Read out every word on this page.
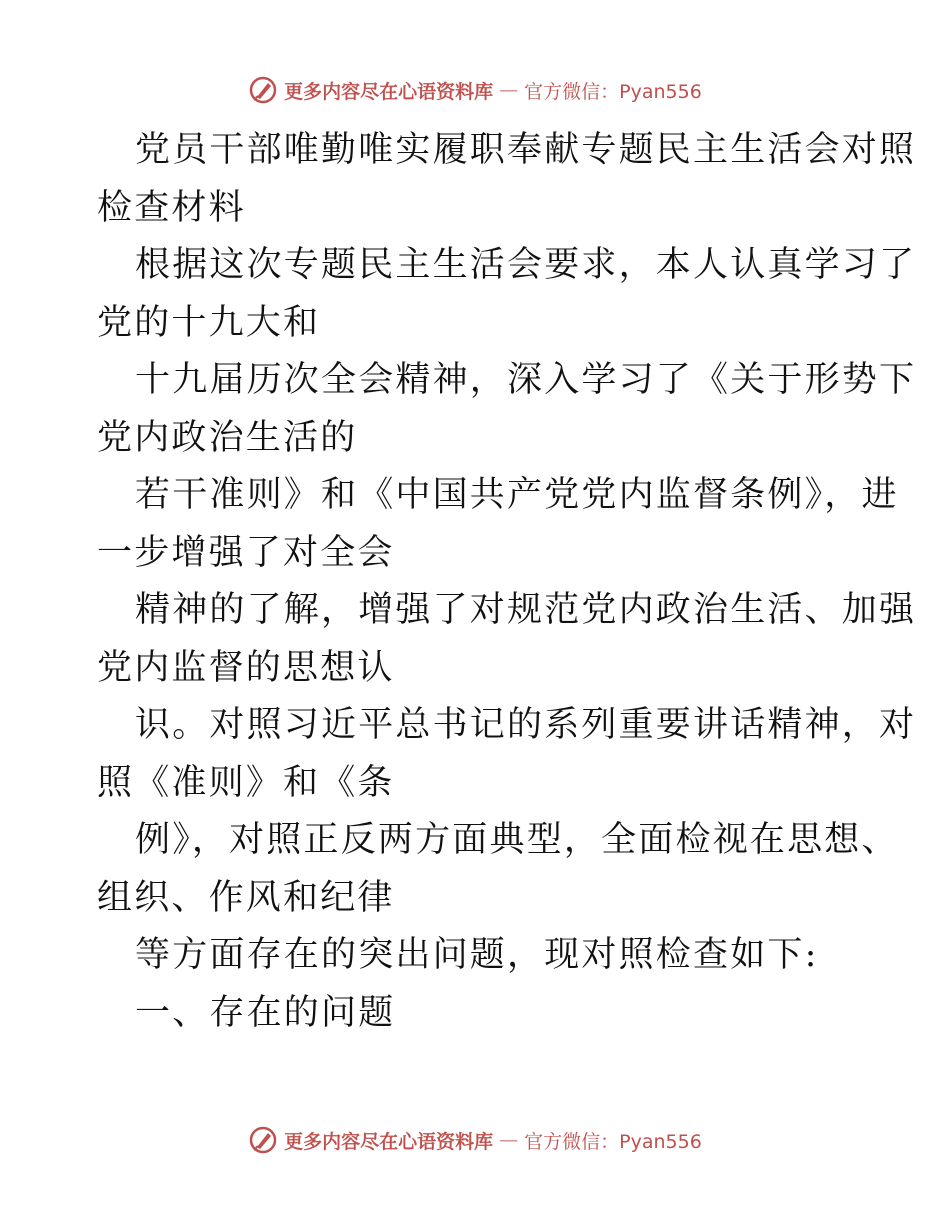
更多内容尽在心语资料库 — 官方微信：Pyan556

党员干部唯勤唯实履职奉献专题民主生活会对照
检查材料

根据这次专题民主生活会要求，本人认真学习了
党的十九大和

十九届历次全会精神，深入学习了《关于形势下
党内政治生活的

若干准则》和《中国共产党党内监督条例》，进
一步增强了对全会

精神的了解，增强了对规范党内政治生活、加强
党内监督的思想认

识。对照习近平总书记的系列重要讲话精神，对
照《准则》和《条

例》，对照正反两方面典型，全面检视在思想、
组织、作风和纪律

等方面存在的突出问题，现对照检查如下:

一、存在的问题

更多内容尽在心语资料库 — 官方微信：Pyan556
